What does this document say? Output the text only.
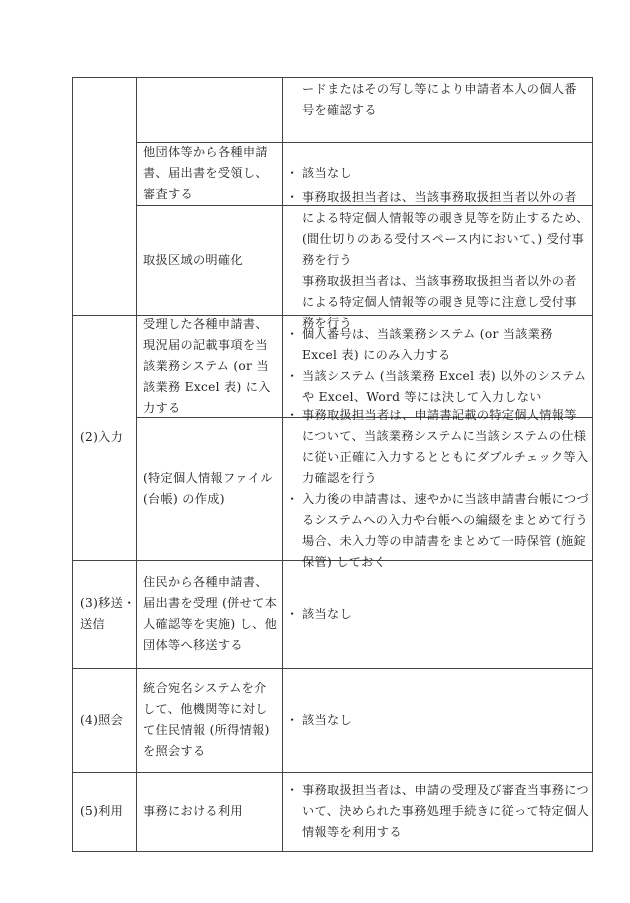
ードまたはその写し等により申請者本人の個人番号を確認する
他団体等から各種申請書、届出書を受領し、審査する
・ 該当なし
取扱区域の明確化
・ 事務取扱担当者は、当該事務取扱担当者以外の者による特定個人情報等の覗き見等を防止するため、(間仕切りのある受付スペース内において、) 受付事務を行う
事務取扱担当者は、当該事務取扱担当者以外の者による特定個人情報等の覗き見等に注意し受付事務を行う
(2)入力
受理した各種申請書、現況届の記載事項を当該業務システム (or 当該業務 Excel 表) に入力する
・ 個人番号は、当該業務システム (or 当該業務 Excel 表) にのみ入力する
・ 当該システム (当該業務 Excel 表) 以外のシステムや Excel、Word 等には決して入力しない
(特定個人情報ファイル (台帳) の作成)
・ 事務取扱担当者は、申請書記載の特定個人情報等について、当該業務システムに当該システムの仕様に従い正確に入力するとともにダブルチェック等入力確認を行う
・ 入力後の申請書は、速やかに当該申請書台帳につづるシステムへの入力や台帳への編綴をまとめて行う場合、未入力等の申請書をまとめて一時保管 (施錠保管) しておく
(3)移送・送信
住民から各種申請書、届出書を受理 (併せて本人確認等を実施) し、他団体等へ移送する
・ 該当なし
(4)照会
統合宛名システムを介して、他機関等に対して住民情報 (所得情報) を照会する
・ 該当なし
(5)利用	事務における利用
・ 事務取扱担当者は、申請の受理及び審査当事務について、決められた事務処理手続きに従って特定個人情報等を利用する
